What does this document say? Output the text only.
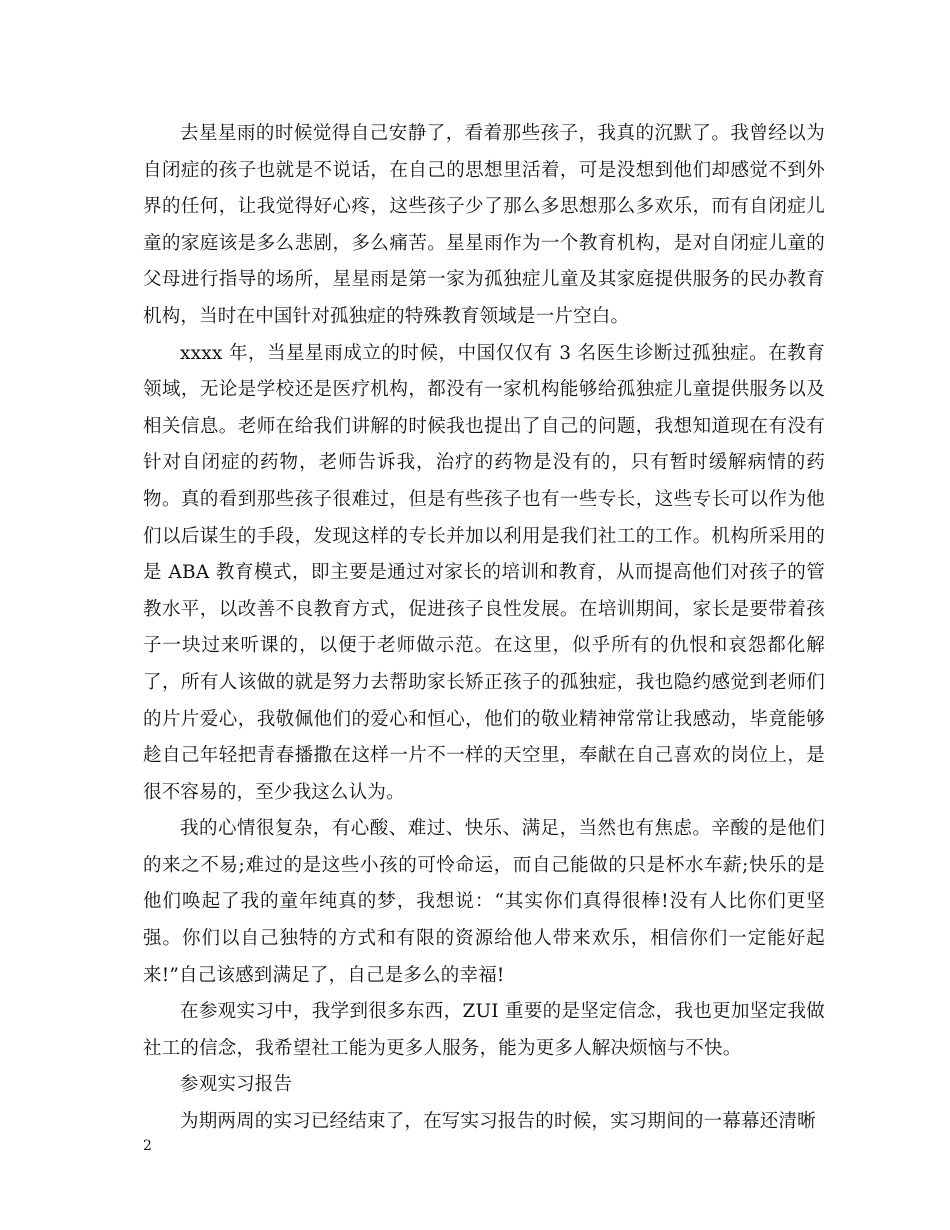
去星星雨的时候觉得自己安静了，看着那些孩子，我真的沉默了。我曾经以为自闭症的孩子也就是不说话，在自己的思想里活着，可是没想到他们却感觉不到外界的任何，让我觉得好心疼，这些孩子少了那么多思想那么多欢乐，而有自闭症儿童的家庭该是多么悲剧，多么痛苦。星星雨作为一个教育机构，是对自闭症儿童的父母进行指导的场所，星星雨是第一家为孤独症儿童及其家庭提供服务的民办教育机构，当时在中国针对孤独症的特殊教育领域是一片空白。

xxxx 年，当星星雨成立的时候，中国仅仅有 3 名医生诊断过孤独症。在教育领域，无论是学校还是医疗机构，都没有一家机构能够给孤独症儿童提供服务以及相关信息。老师在给我们讲解的时候我也提出了自己的问题，我想知道现在有没有针对自闭症的药物，老师告诉我，治疗的药物是没有的，只有暂时缓解病情的药物。真的看到那些孩子很难过，但是有些孩子也有一些专长，这些专长可以作为他们以后谋生的手段，发现这样的专长并加以利用是我们社工的工作。机构所采用的是 ABA 教育模式，即主要是通过对家长的培训和教育，从而提高他们对孩子的管教水平，以改善不良教育方式，促进孩子良性发展。在培训期间，家长是要带着孩子一块过来听课的，以便于老师做示范。在这里，似乎所有的仇恨和哀怨都化解了，所有人该做的就是努力去帮助家长矫正孩子的孤独症，我也隐约感觉到老师们的片片爱心，我敬佩他们的爱心和恒心，他们的敬业精神常常让我感动，毕竟能够趁自己年轻把青春播撒在这样一片不一样的天空里，奉献在自己喜欢的岗位上，是很不容易的，至少我这么认为。

我的心情很复杂，有心酸、难过、快乐、满足，当然也有焦虑。辛酸的是他们的来之不易;难过的是这些小孩的可怜命运，而自己能做的只是杯水车薪;快乐的是他们唤起了我的童年纯真的梦，我想说：“其实你们真得很棒!没有人比你们更坚强。你们以自己独特的方式和有限的资源给他人带来欢乐，相信你们一定能好起来!”自己该感到满足了，自己是多么的幸福!

在参观实习中，我学到很多东西，ZUI 重要的是坚定信念，我也更加坚定我做社工的信念，我希望社工能为更多人服务，能为更多人解决烦恼与不快。

参观实习报告

为期两周的实习已经结束了，在写实习报告的时候，实习期间的一幕幕还清晰

2
